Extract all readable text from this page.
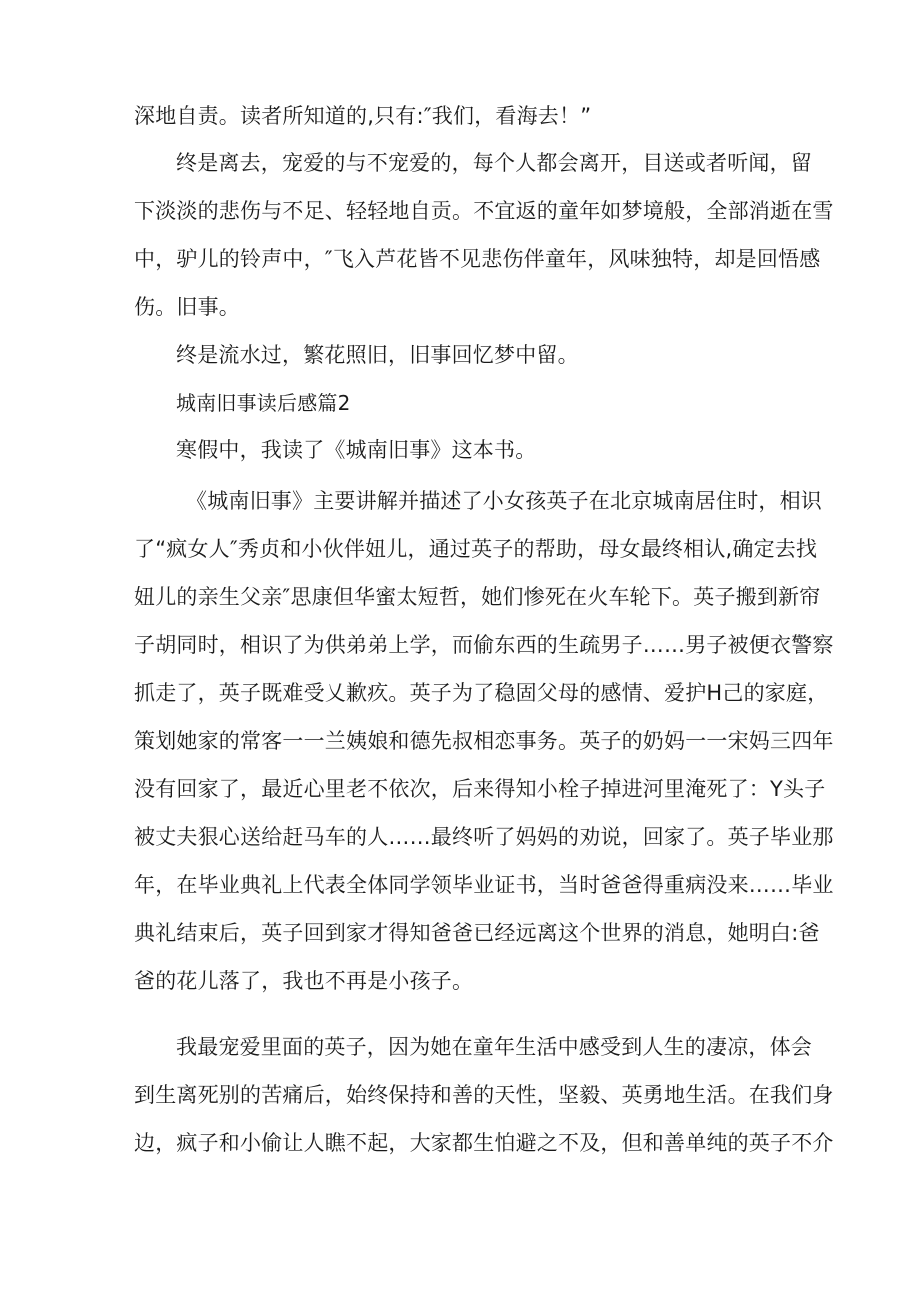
深地自责。读者所知道的,只有:″我们，看海去！”
终是离去，宠爱的与不宠爱的，每个人都会离开，目送或者听闻，留
下淡淡的悲伤与不足、轻轻地自贡。不宜返的童年如梦境般，全部消逝在雪
中，驴儿的铃声中，″飞入芦花皆不见悲伤伴童年，风味独特，却是回悟感
伤。旧事。
终是流水过，繁花照旧，旧事回忆梦中留。
城南旧事读后感篇2
寒假中，我读了《城南旧事》这本书。
《城南旧事》主要讲解并描述了小女孩英子在北京城南居住时，相识
了“疯女人″秀贞和小伙伴妞儿，通过英子的帮助，母女最终相认,确定去找
妞儿的亲生父亲″思康但华蜜太短哲，她们惨死在火车轮下。英子搬到新帘
子胡同时，相识了为供弟弟上学，而偷东西的生疏男子……男子被便衣警察
抓走了，英子既难受乂歉疚。英子为了稳固父母的感情、爱护H己的家庭，
策划她家的常客一一兰姨娘和德先叔相恋事务。英子的奶妈一一宋妈三四年
没有回家了，最近心里老不依次，后来得知小栓子掉进河里淹死了：Y头子
被丈夫狠心送给赶马车的人……最终听了妈妈的劝说，回家了。英子毕业那
年，在毕业典礼上代表全体同学领毕业证书，当时爸爸得重病没来……毕业
典礼结束后，英子回到家才得知爸爸已经远离这个世界的消息，她明白:爸
爸的花儿落了，我也不再是小孩子。
我最宠爱里面的英子，因为她在童年生活中感受到人生的凄凉，体会
到生离死别的苦痛后，始终保持和善的天性，坚毅、英勇地生活。在我们身
边，疯子和小偷让人瞧不起，大家都生怕避之不及，但和善单纯的英子不介
